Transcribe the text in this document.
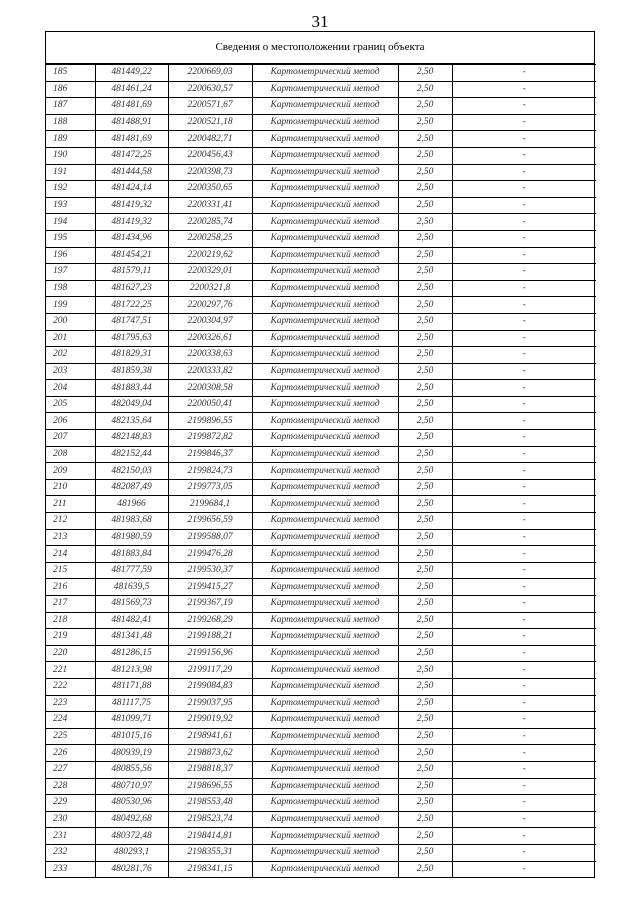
31
Сведения о местоположении границ объекта
185	481449,22	2200669,03	Картометрический метод	2,50	-
186	481461,24	2200630,57	Картометрический метод	2,50	-
187	481481,69	2200571,67	Картометрический метод	2,50	-
188	481488,91	2200521,18	Картометрический метод	2,50	-
189	481481,69	2200482,71	Картометрический метод	2,50	-
190	481472,25	2200456,43	Картометрический метод	2,50	-
191	481444,58	2200398,73	Картометрический метод	2,50	-
192	481424,14	2200350,65	Картометрический метод	2,50	-
193	481419,32	2200331,41	Картометрический метод	2,50	-
194	481419,32	2200285,74	Картометрический метод	2,50	-
195	481434,96	2200258,25	Картометрический метод	2,50	-
196	481454,21	2200219,62	Картометрический метод	2,50	-
197	481579,11	2200329,01	Картометрический метод	2,50	-
198	481627,23	2200321,8	Картометрический метод	2,50	-
199	481722,25	2200297,76	Картометрический метод	2,50	-
200	481747,51	2200304,97	Картометрический метод	2,50	-
201	481795,63	2200326,61	Картометрический метод	2,50	-
202	481829,31	2200338,63	Картометрический метод	2,50	-
203	481859,38	2200333,82	Картометрический метод	2,50	-
204	481883,44	2200308,58	Картометрический метод	2,50	-
205	482049,04	2200050,41	Картометрический метод	2,50	-
206	482135,64	2199896,55	Картометрический метод	2,50	-
207	482148,83	2199872,82	Картометрический метод	2,50	-
208	482152,44	2199846,37	Картометрический метод	2,50	-
209	482150,03	2199824,73	Картометрический метод	2,50	-
210	482087,49	2199773,05	Картометрический метод	2,50	-
211	481966	2199684,1	Картометрический метод	2,50	-
212	481983,68	2199656,59	Картометрический метод	2,50	-
213	481980,59	2199588,07	Картометрический метод	2,50	-
214	481883,84	2199476,28	Картометрический метод	2,50	-
215	481777,59	2199530,37	Картометрический метод	2,50	-
216	481639,5	2199415,27	Картометрический метод	2,50	-
217	481569,73	2199367,19	Картометрический метод	2,50	-
218	481482,41	2199268,29	Картометрический метод	2,50	-
219	481341,48	2199188,21	Картометрический метод	2,50	-
220	481286,15	2199156,96	Картометрический метод	2,50	-
221	481213,98	2199117,29	Картометрический метод	2,50	-
222	481171,88	2199084,83	Картометрический метод	2,50	-
223	481117,75	2199037,95	Картометрический метод	2,50	-
224	481099,71	2199019,92	Картометрический метод	2,50	-
225	481015,16	2198941,61	Картометрический метод	2,50	-
226	480939,19	2198873,62	Картометрический метод	2,50	-
227	480855,56	2198818,37	Картометрический метод	2,50	-
228	480710,97	2198696,55	Картометрический метод	2,50	-
229	480530,96	2198553,48	Картометрический метод	2,50	-
230	480492,68	2198523,74	Картометрический метод	2,50	-
231	480372,48	2198414,81	Картометрический метод	2,50	-
232	480293,1	2198355,31	Картометрический метод	2,50	-
233	480281,76	2198341,15	Картометрический метод	2,50	-
